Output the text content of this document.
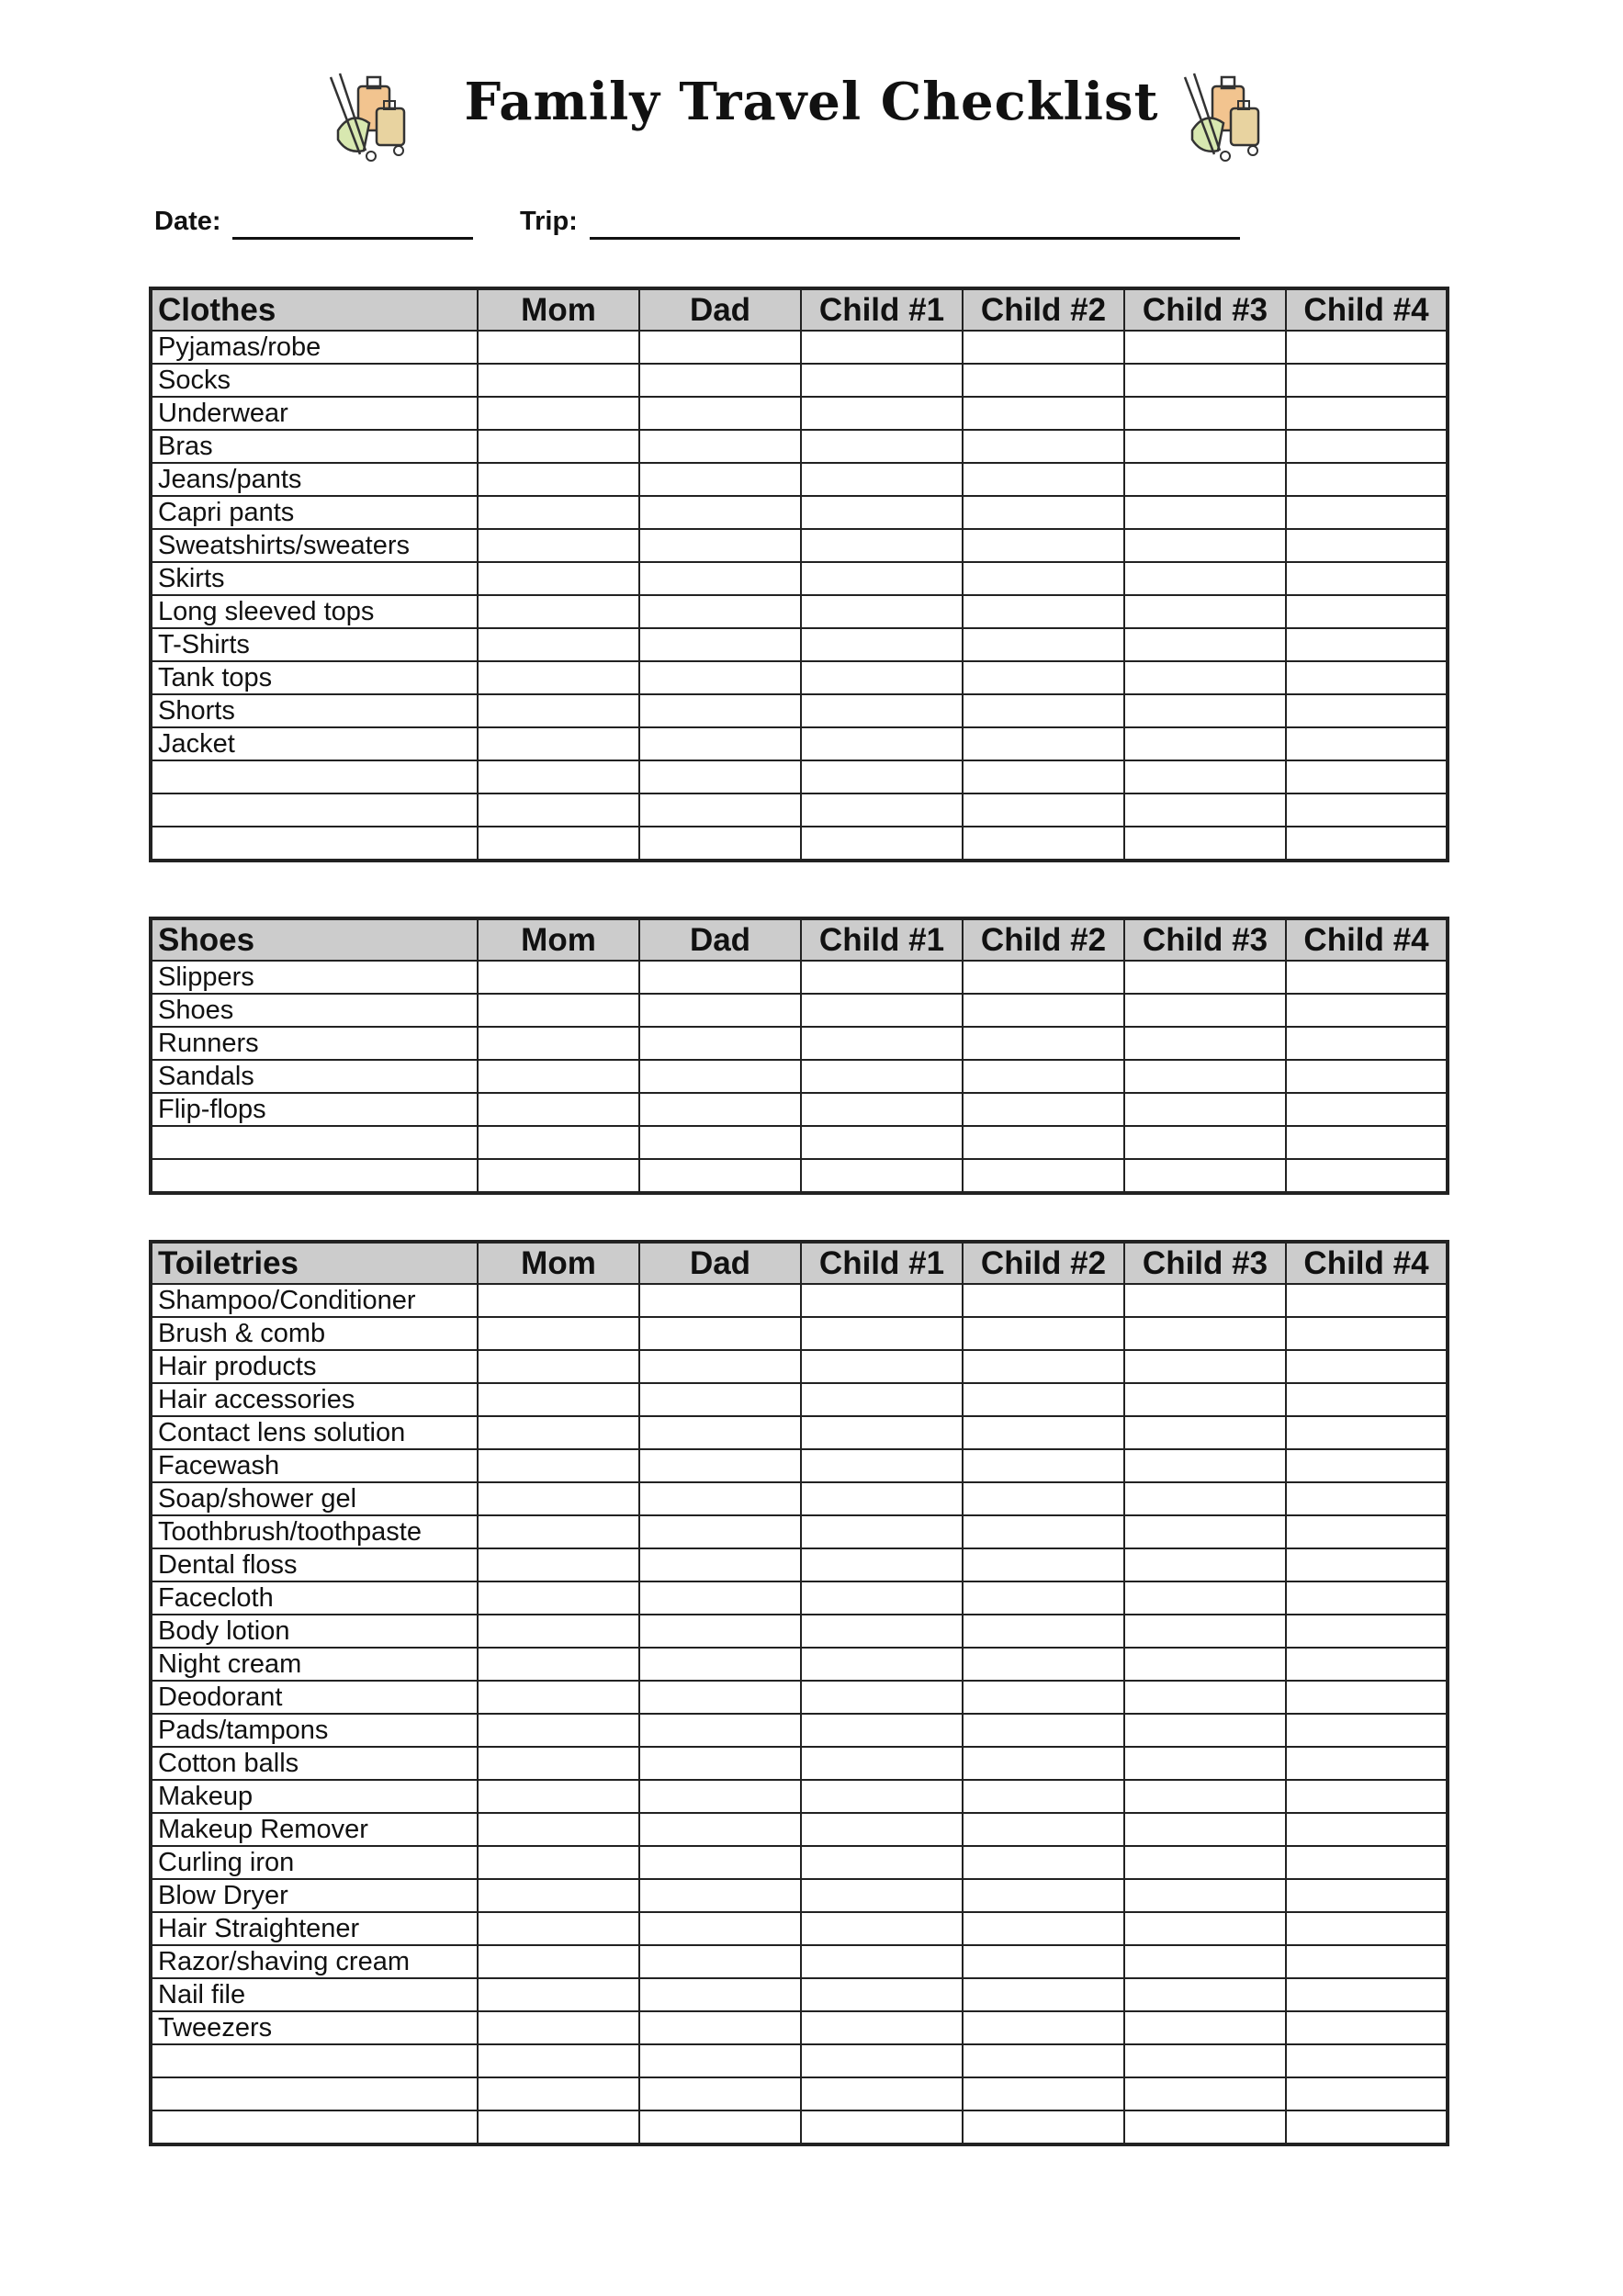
Family Travel Checklist
Date:	Trip:
Clothes	Mom	Dad	Child #1	Child #2	Child #3	Child #4
Pyjamas/robe						
Socks						
Underwear						
Bras						
Jeans/pants						
Capri pants						
Sweatshirts/sweaters						
Skirts						
Long sleeved tops						
T-Shirts						
Tank tops						
Shorts						
Jacket						

Shoes	Mom	Dad	Child #1	Child #2	Child #3	Child #4
Slippers						
Shoes						
Runners						
Sandals						
Flip-flops						

Toiletries	Mom	Dad	Child #1	Child #2	Child #3	Child #4
Shampoo/Conditioner						
Brush & comb						
Hair products						
Hair accessories						
Contact lens solution						
Facewash						
Soap/shower gel						
Toothbrush/toothpaste						
Dental floss						
Facecloth						
Body lotion						
Night cream						
Deodorant						
Pads/tampons						
Cotton balls						
Makeup						
Makeup Remover						
Curling iron						
Blow Dryer						
Hair Straightener						
Razor/shaving cream						
Nail file						
Tweezers						
